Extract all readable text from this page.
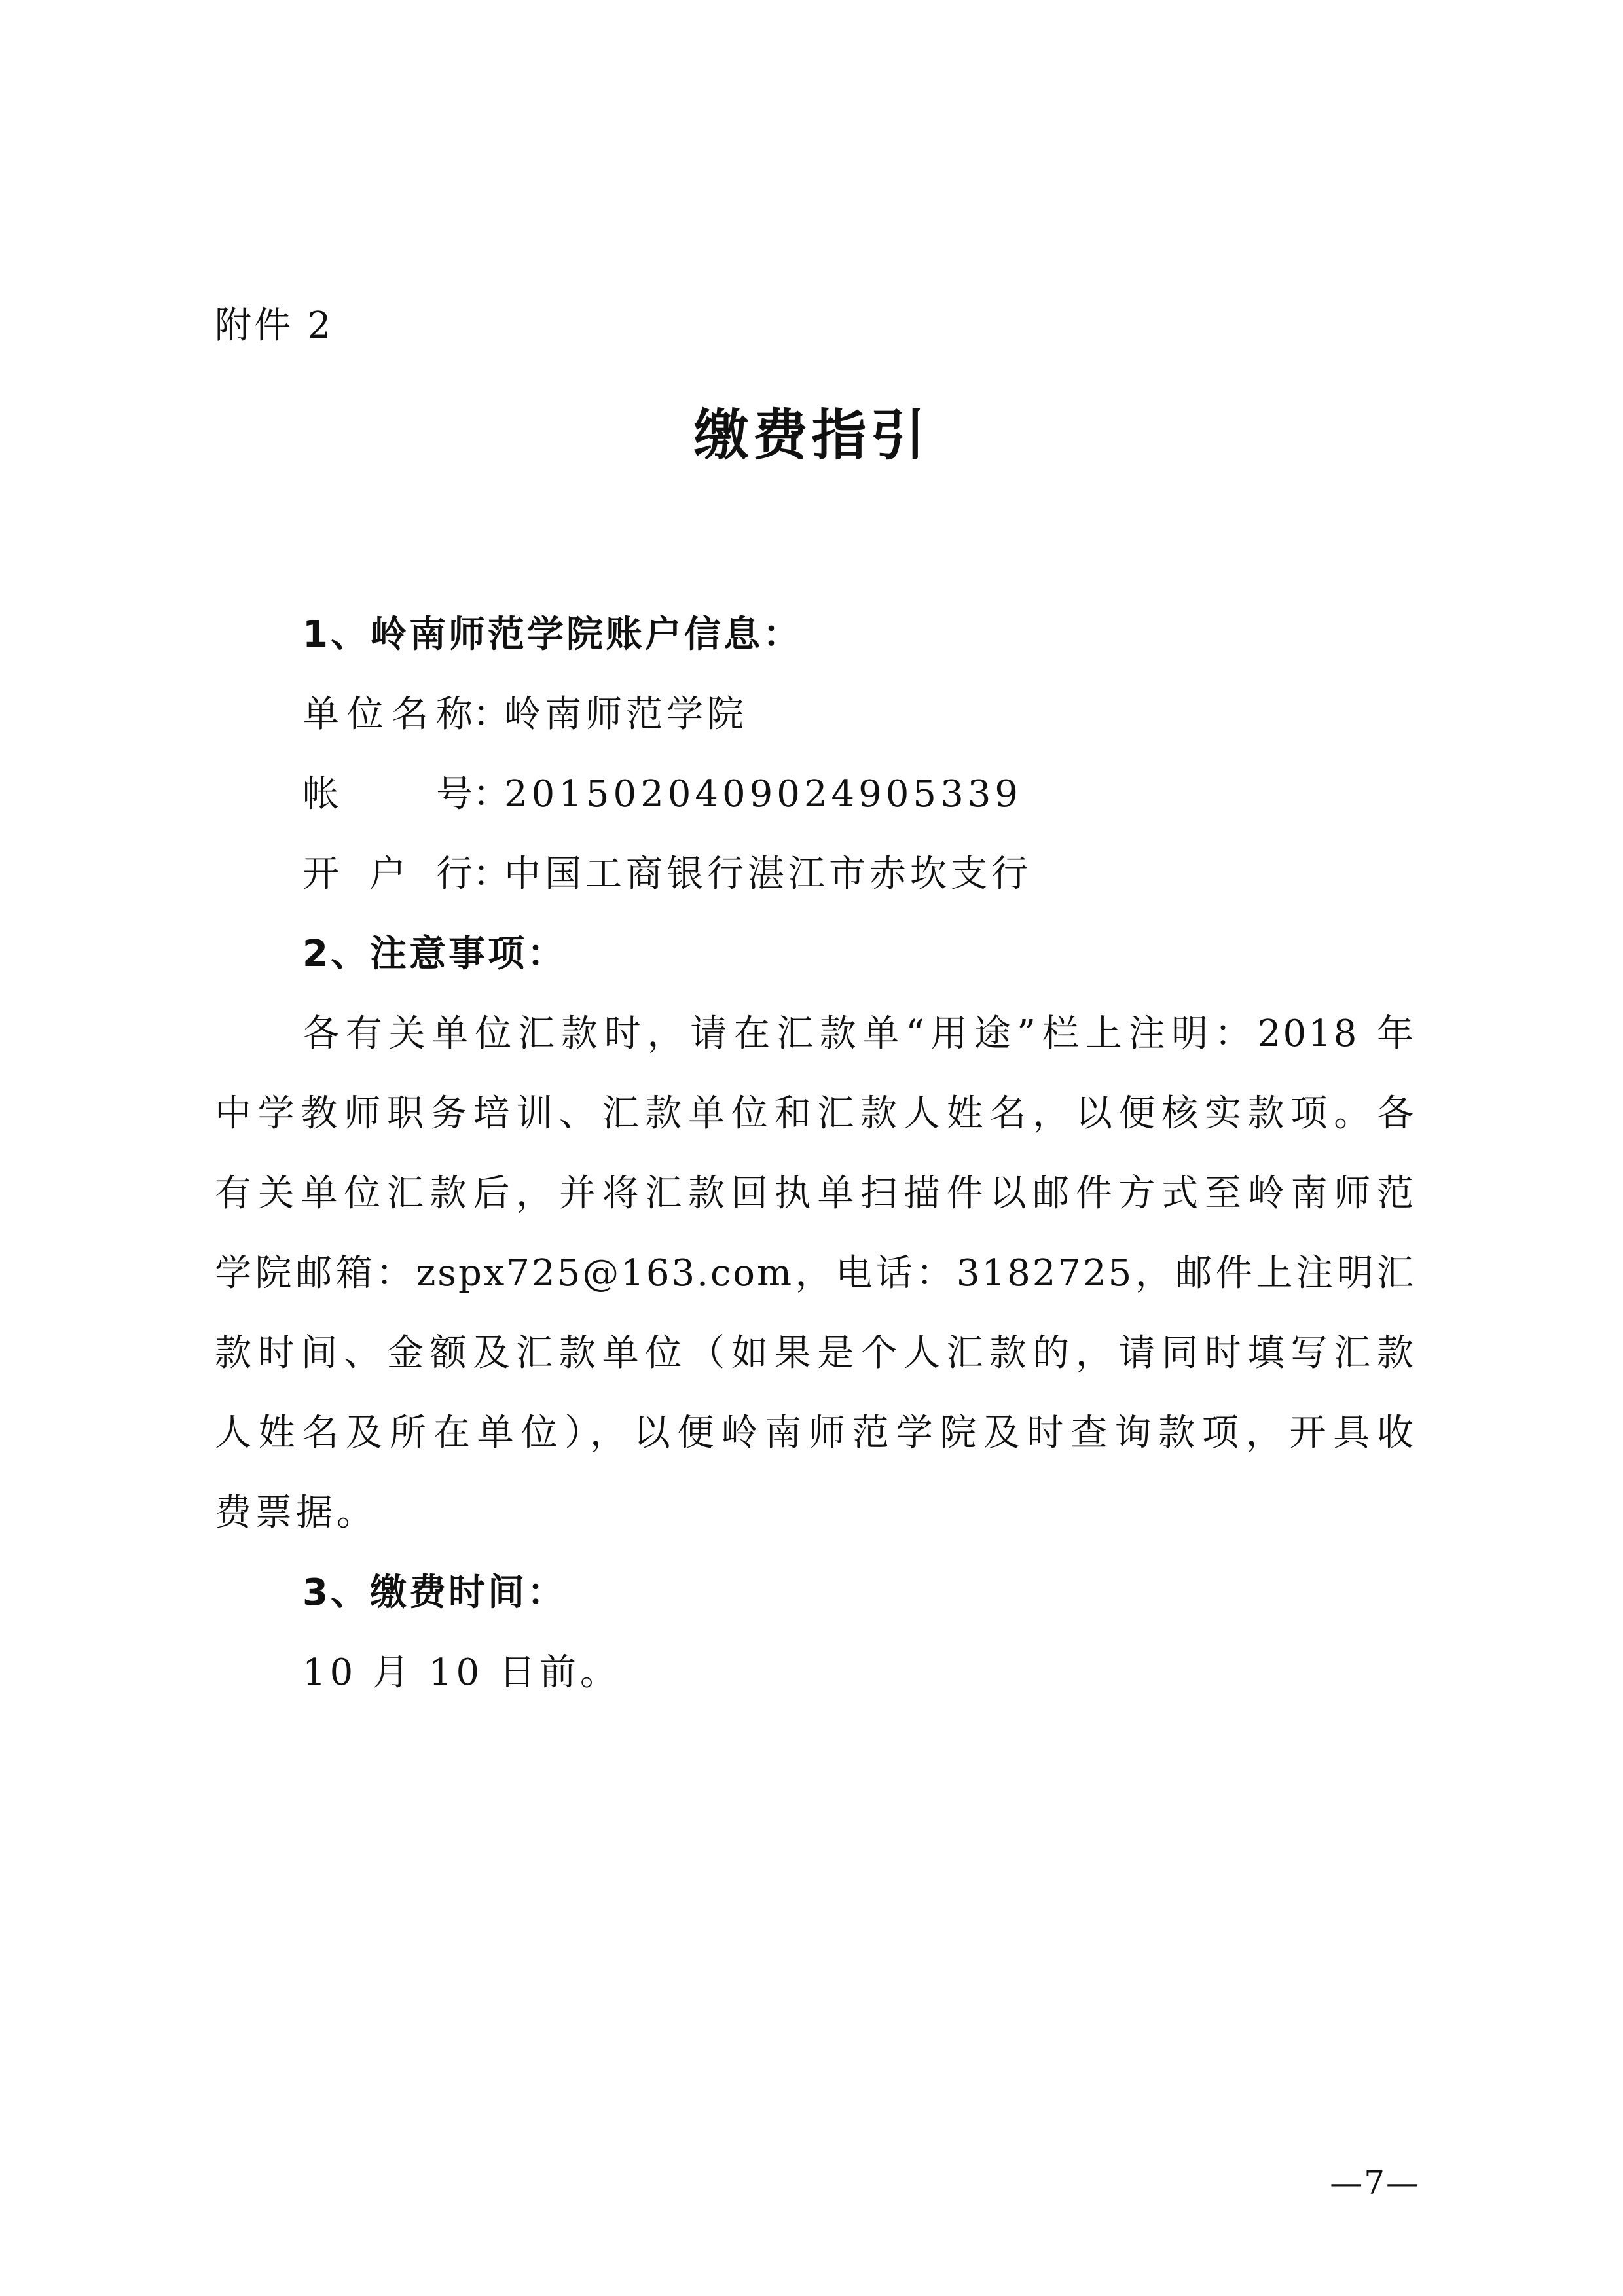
附件 2
缴费指引
1、岭南师范学院账户信息：
单位名称：岭南师范学院
帐号：2015020409024905339
开户行：中国工商银行湛江市赤坎支行
2、注意事项：
各有关单位汇款时，请在汇款单“用途”栏上注明：2018 年
中学教师职务培训、汇款单位和汇款人姓名，以便核实款项。各
有关单位汇款后，并将汇款回执单扫描件以邮件方式至岭南师范
学院邮箱：zspx725@163.com，电话：3182725，邮件上注明汇
款时间、金额及汇款单位（如果是个人汇款的，请同时填写汇款
人姓名及所在单位），以便岭南师范学院及时查询款项，开具收
费票据。
3、缴费时间：
10 月 10 日前。
—7—
